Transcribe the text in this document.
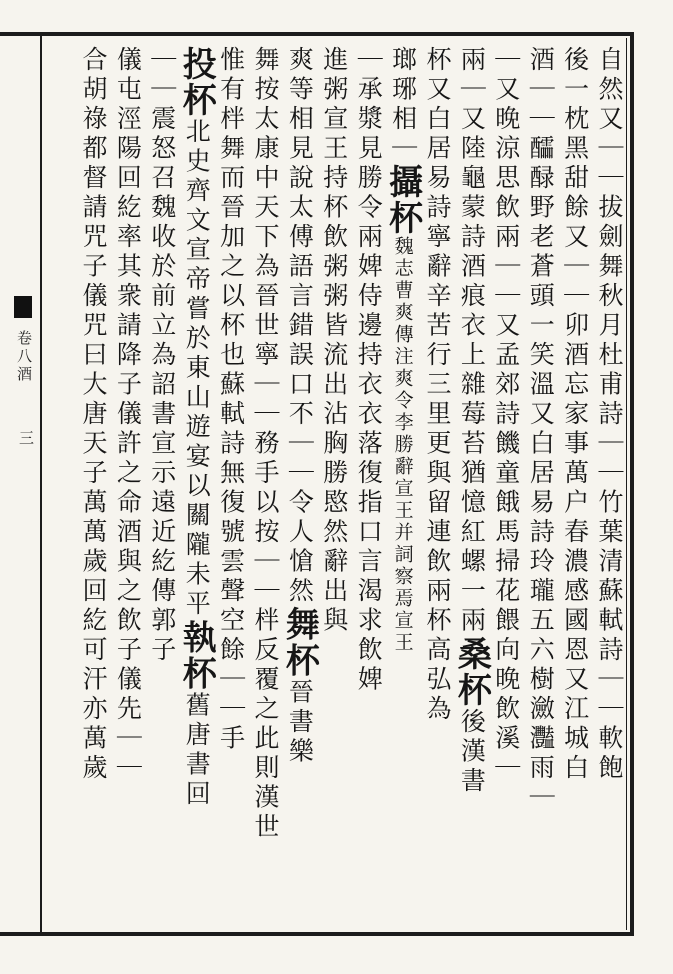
卷八酒
三	自然又｜｜拔劍舞秋月杜甫詩｜｜竹葉清蘇軾詩｜｜軟飽
後一枕黑甜餘又｜｜卯酒忘家事萬户春濃感國恩又江城白
酒｜｜醽醁野老蒼頭一笑溫又白居易詩玲瓏五六樹瀲灩雨｜
｜又晚涼思飲兩｜｜又孟郊詩饑童餓馬掃花餵向晚飲溪｜
兩｜又陸龜蒙詩酒痕衣上雜莓苔猶憶紅螺一兩桑杯後漢書
杯又白居易詩寧辭辛苦行三里更與留連飲兩杯高弘為
瑯琊相｜攝杯魏志曹爽傳注爽令李勝辭宣王并詞察焉宣王
｜承漿見勝令兩婢侍邊持衣衣落復指口言渴求飲婢
進粥宣王持杯飲粥粥皆流出沾胸勝愍然辭出與
爽等相見說太傅語言錯誤口不｜｜令人愴然舞杯晉書樂
舞按太康中天下為晉世寧｜｜務手以按｜｜柈反覆之此則漢世
惟有柈舞而晉加之以杯也蘇軾詩無復號雲聲空餘｜｜手
投杯北史齊文宣帝嘗於東山遊宴以關隴未平執杯舊唐書回
｜｜震怒召魏收於前立為詔書宣示遠近紇傳郭子
儀屯涇陽回紇率其衆請降子儀許之命酒與之飲子儀先｜｜
合胡祿都督請咒子儀咒曰大唐天子萬萬歲回紇可汗亦萬歲
